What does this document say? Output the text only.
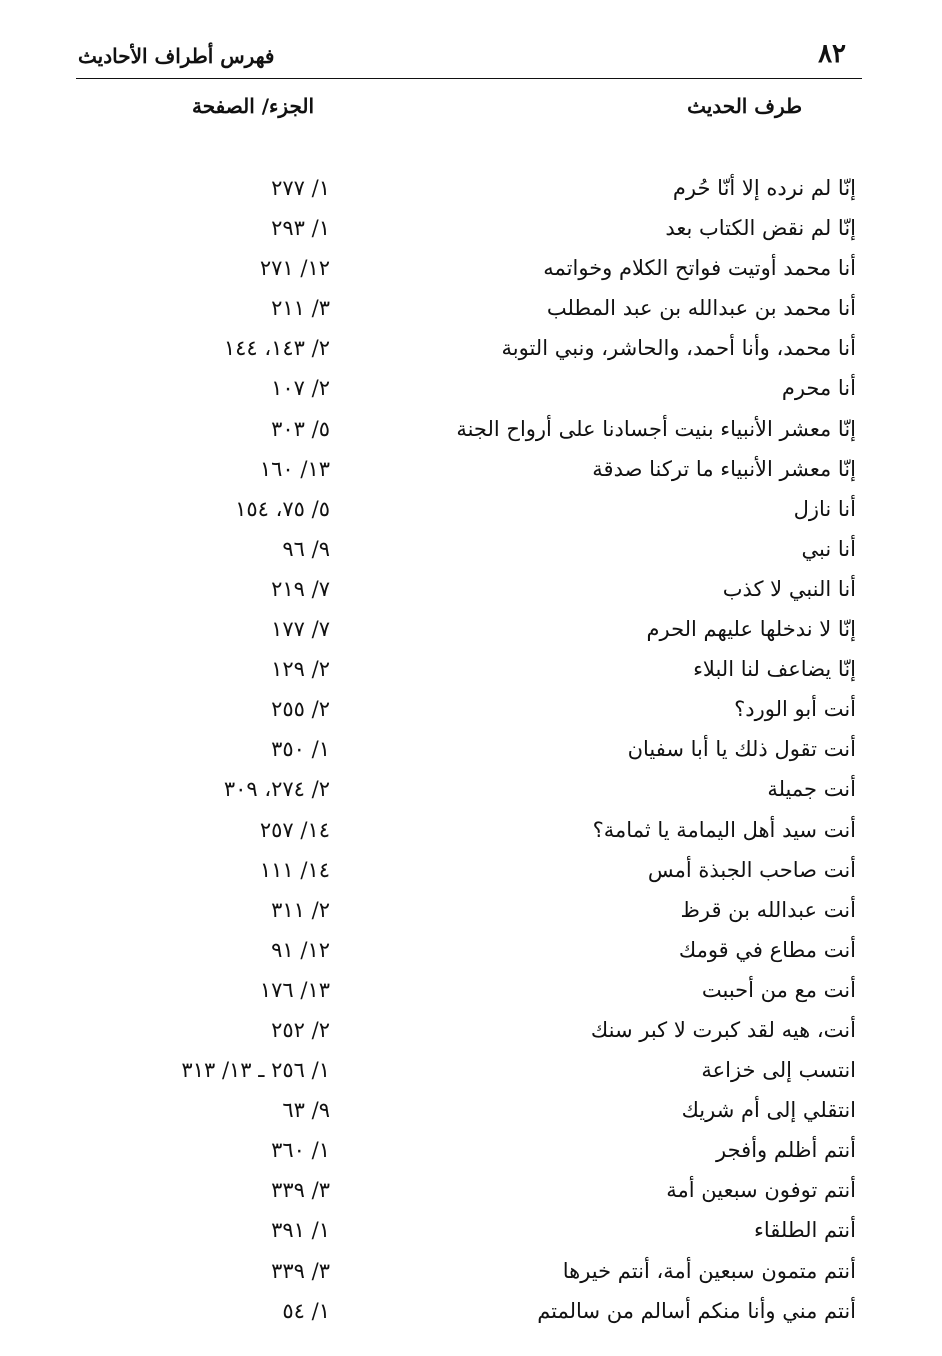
٨٢
فهرس أطراف الأحاديث
طرف الحديث
الجزء/ الصفحة
إنّا لم نرده إلا أنّا حُرم
١/ ٢٧٧
إنّا لم نقض الكتاب بعد
١/ ٢٩٣
أنا محمد أوتيت فواتح الكلام وخواتمه
١٢/ ٢٧١
أنا محمد بن عبدالله بن عبد المطلب
٣/ ٢١١
أنا محمد، وأنا أحمد، والحاشر، ونبي التوبة
٢/ ١٤٣، ١٤٤
أنا محرم
٢/ ١٠٧
إنّا معشر الأنبياء بنيت أجسادنا على أرواح الجنة
٥/ ٣٠٣
إنّا معشر الأنبياء ما تركنا صدقة
١٣/ ١٦٠
أنا نازل
٥/ ٧٥، ١٥٤
أنا نبي
٩/ ٩٦
أنا النبي لا كذب
٧/ ٢١٩
إنّا لا ندخلها عليهم الحرم
٧/ ١٧٧
إنّا يضاعف لنا البلاء
٢/ ١٢٩
أنت أبو الورد؟
٢/ ٢٥٥
أنت تقول ذلك يا أبا سفيان
١/ ٣٥٠
أنت جميلة
٢/ ٢٧٤، ٣٠٩
أنت سيد أهل اليمامة يا ثمامة؟
١٤/ ٢٥٧
أنت صاحب الجبذة أمس
١٤/ ١١١
أنت عبدالله بن قرظ
٢/ ٣١١
أنت مطاع في قومك
١٢/ ٩١
أنت مع من أحببت
١٣/ ١٧٦
أنت، هيه لقد كبرت لا كبر سنك
٢/ ٢٥٢
انتسب إلى خزاعة
١/ ٢٥٦ ـ ١٣/ ٣١٣
انتقلي إلى أم شريك
٩/ ٦٣
أنتم أظلم وأفجر
١/ ٣٦٠
أنتم توفون سبعين أمة
٣/ ٣٣٩
أنتم الطلقاء
١/ ٣٩١
أنتم متمون سبعين أمة، أنتم خيرها
٣/ ٣٣٩
أنتم مني وأنا منكم أسالم من سالمتم
١/ ٥٤
